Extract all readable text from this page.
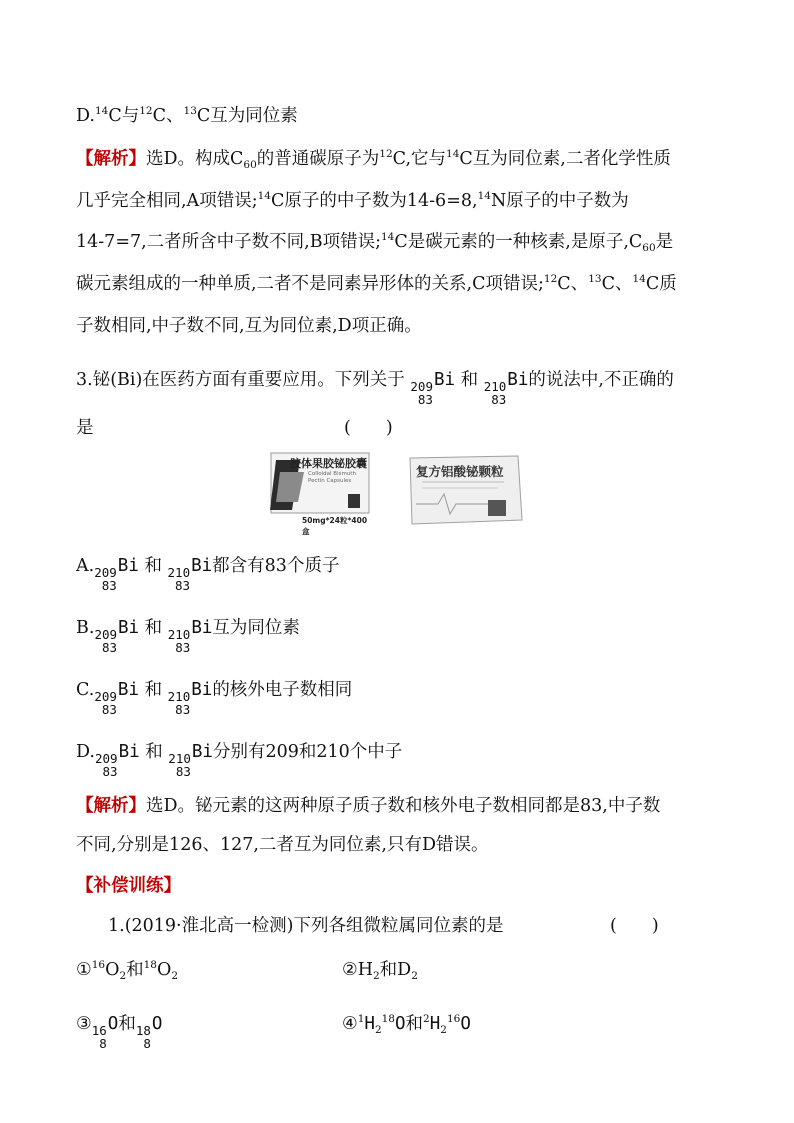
D.$^{14}$C与$^{12}$C、$^{13}$C互为同位素
【解析】选D。构成$C_{60}$的普通碳原子为$^{12}$C,它与$^{14}$C互为同位素,二者化学性质
几乎完全相同,A项错误;$^{14}$C原子的中子数为14-6=8,14N原子的中子数为
14-7=7,二者所含中子数不同,B项错误;$^{14}$C是碳元素的一种核素,是原子$,C_{60}$是
碳元素组成的一种单质,二者不是同素异形体的关系,C项错误;$^{12}$C、$^{13}$C、$^{14}$C质
子数相同,中子数不同,互为同位素,D项正确。
3.铋(Bi)在医药方面有重要应用。下列关于 209
83
Bi 和 210
83
Bi的说法中,不正确的
是	(　　)
胶体果胶铋胶囊
Colloidal Bismuth
Pectin Capsules
50mg*24粒*400盒
复方铝酸铋颗粒
A. 209
83
Bi 和 210
83
Bi都含有83个质子
B. 209
83
Bi 和 210
83
Bi互为同位素
C. 209
83
Bi 和 210
83
Bi的核外电子数相同
D. 209
83
Bi 和 210
83
Bi分别有209和210个中子
【解析】选D。铋元素的这两种原子质子数和核外电子数相同都是83,中子数
不同,分别是126、127,二者互为同位素,只有D错误。
【补偿训练】
1.(2019·淮北高一检测)下列各组微粒属同位素的是	(　　)
$①^{16}O_2$和$^{18}O_2$	$②H_2$和$D_2$
③ 16
8
O和 18
8
O	$④^1H_2^{18}O$和$^2H_2^{16}O$
